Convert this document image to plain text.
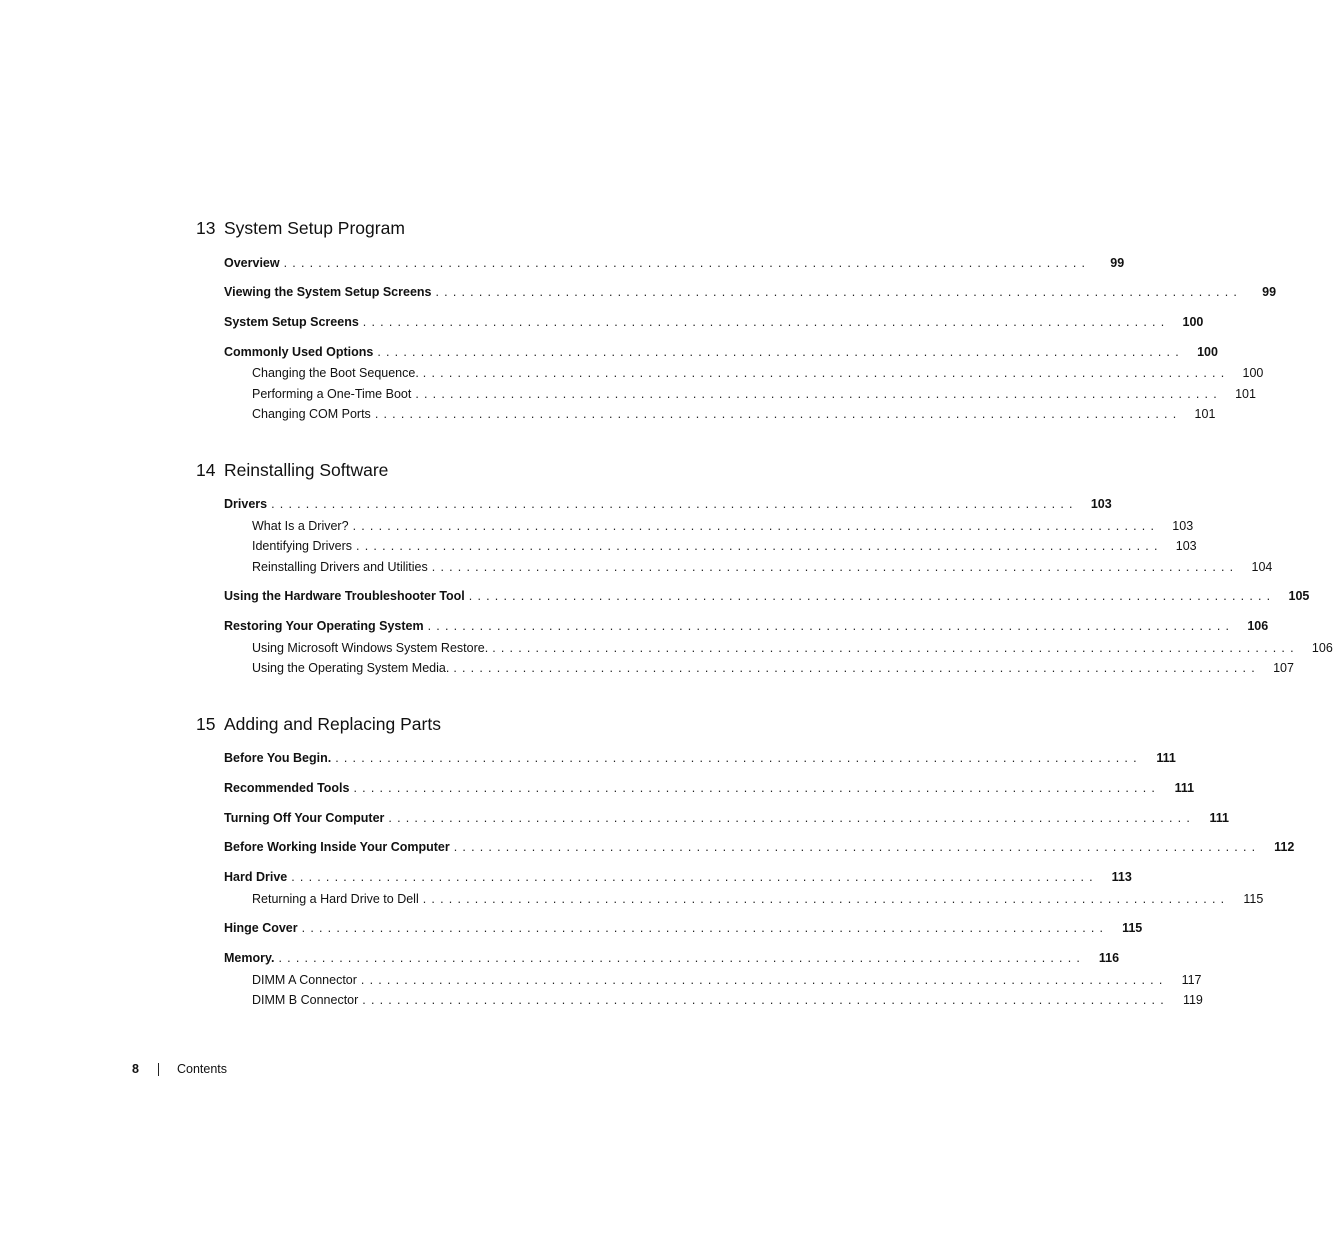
13 System Setup Program
Overview .............................................................................................	99
Viewing the System Setup Screens .............................................................................................	99
System Setup Screens .............................................................................................	100
Commonly Used Options .............................................................................................	100
Changing the Boot Sequence. .............................................................................................	100
Performing a One-Time Boot .............................................................................................	101
Changing COM Ports .............................................................................................	101
14 Reinstalling Software
Drivers .............................................................................................	103
What Is a Driver? .............................................................................................	103
Identifying Drivers .............................................................................................	103
Reinstalling Drivers and Utilities .............................................................................................	104
Using the Hardware Troubleshooter Tool .............................................................................................	105
Restoring Your Operating System .............................................................................................	106
Using Microsoft Windows System Restore. .............................................................................................	106
Using the Operating System Media. .............................................................................................	107
15 Adding and Replacing Parts
Before You Begin. .............................................................................................	111
Recommended Tools .............................................................................................	111
Turning Off Your Computer .............................................................................................	111
Before Working Inside Your Computer .............................................................................................	112
Hard Drive .............................................................................................	113
Returning a Hard Drive to Dell .............................................................................................	115
Hinge Cover .............................................................................................	115
Memory. .............................................................................................	116
DIMM A Connector .............................................................................................	117
DIMM B Connector .............................................................................................	119
8	Contents
